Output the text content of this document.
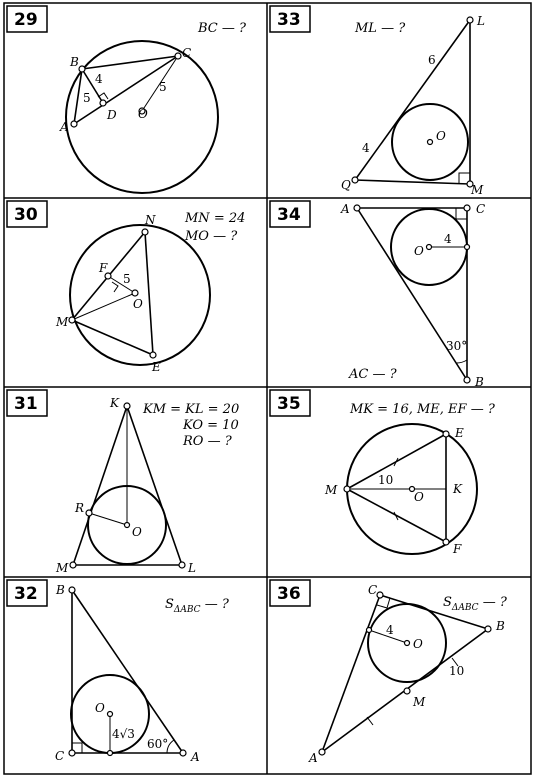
29	BC — ?
B
C
A
D O
4
5
5
33	ML — ?	L
Q	M
O
6
4
30	MN = 24
MO — ?
N
F
O
M
E
5
34
AC — ?
A	C
O
B
4
30°
31	KM = KL = 20
KO = 10
RO — ?
K
R
O
M	L
35	MK = 16, ME, EF — ?
E
M	O
K
F
10
32
$S_{\Delta ABC}$ — ?
B
O
C	A
4√3
60°
36	$S_{\Delta ABC}$ — ?
C
B
O
M
A
4
10
